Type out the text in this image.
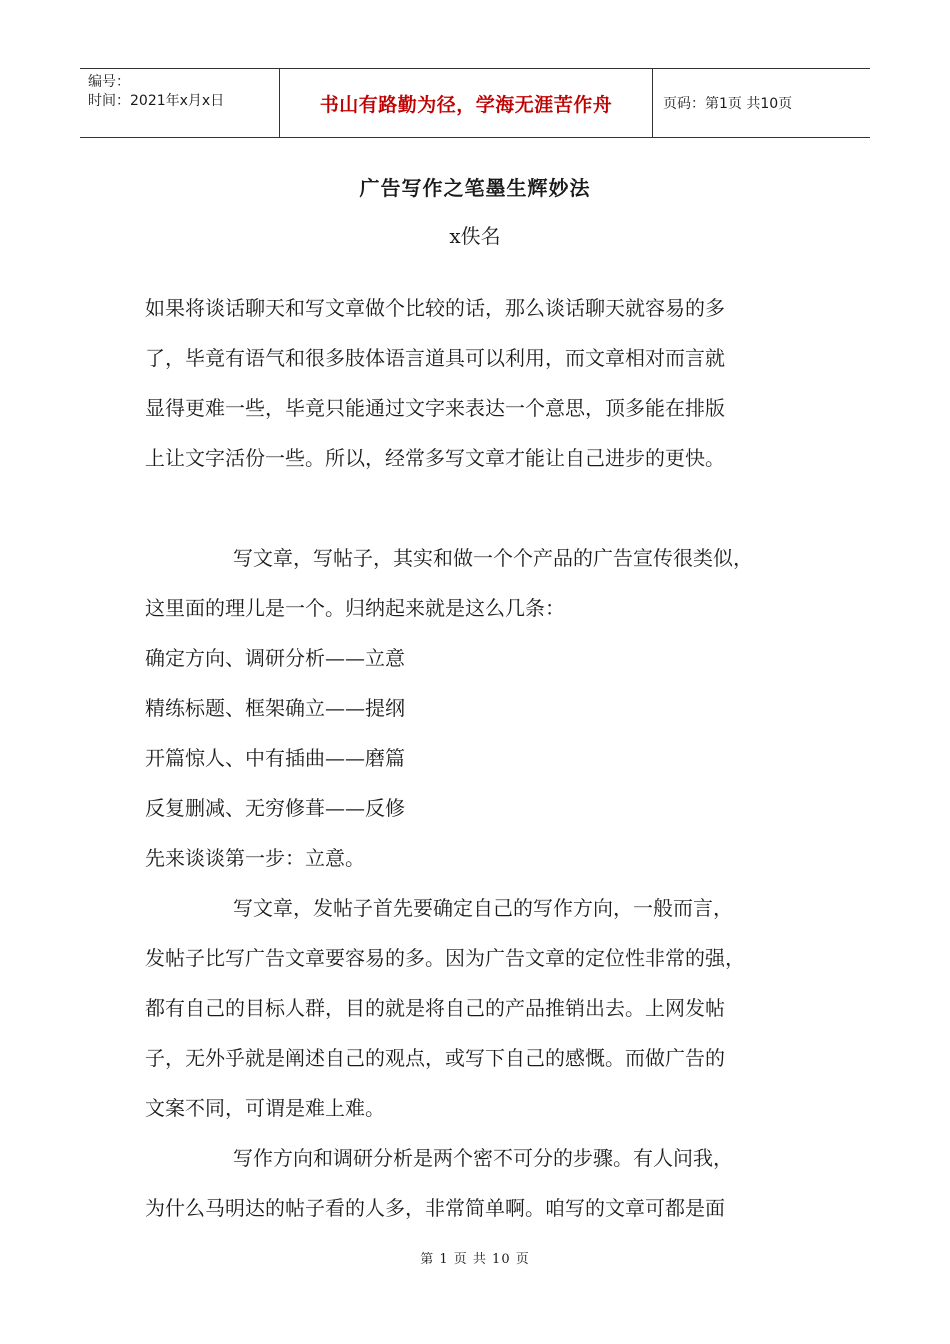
编号：
时间：2021年x月x日	书山有路勤为径，学海无涯苦作舟	页码：第1页 共10页
广告写作之笔墨生辉妙法
x佚名
如果将谈话聊天和写文章做个比较的话，那么谈话聊天就容易的多
了，毕竟有语气和很多肢体语言道具可以利用，而文章相对而言就
显得更难一些，毕竟只能通过文字来表达一个意思，顶多能在排版
上让文字活份一些。所以，经常多写文章才能让自己进步的更快。
写文章，写帖子，其实和做一个个产品的广告宣传很类似，
这里面的理儿是一个。归纳起来就是这么几条：
确定方向、调研分析——立意
精练标题、框架确立——提纲
开篇惊人、中有插曲——磨篇
反复删减、无穷修葺——反修
先来谈谈第一步：立意。
写文章，发帖子首先要确定自己的写作方向，一般而言，
发帖子比写广告文章要容易的多。因为广告文章的定位性非常的强，
都有自己的目标人群，目的就是将自己的产品推销出去。上网发帖
子，无外乎就是阐述自己的观点，或写下自己的感慨。而做广告的
文案不同，可谓是难上难。
写作方向和调研分析是两个密不可分的步骤。有人问我，
为什么马明达的帖子看的人多，非常简单啊。咱写的文章可都是面
第 1 页 共 10 页
